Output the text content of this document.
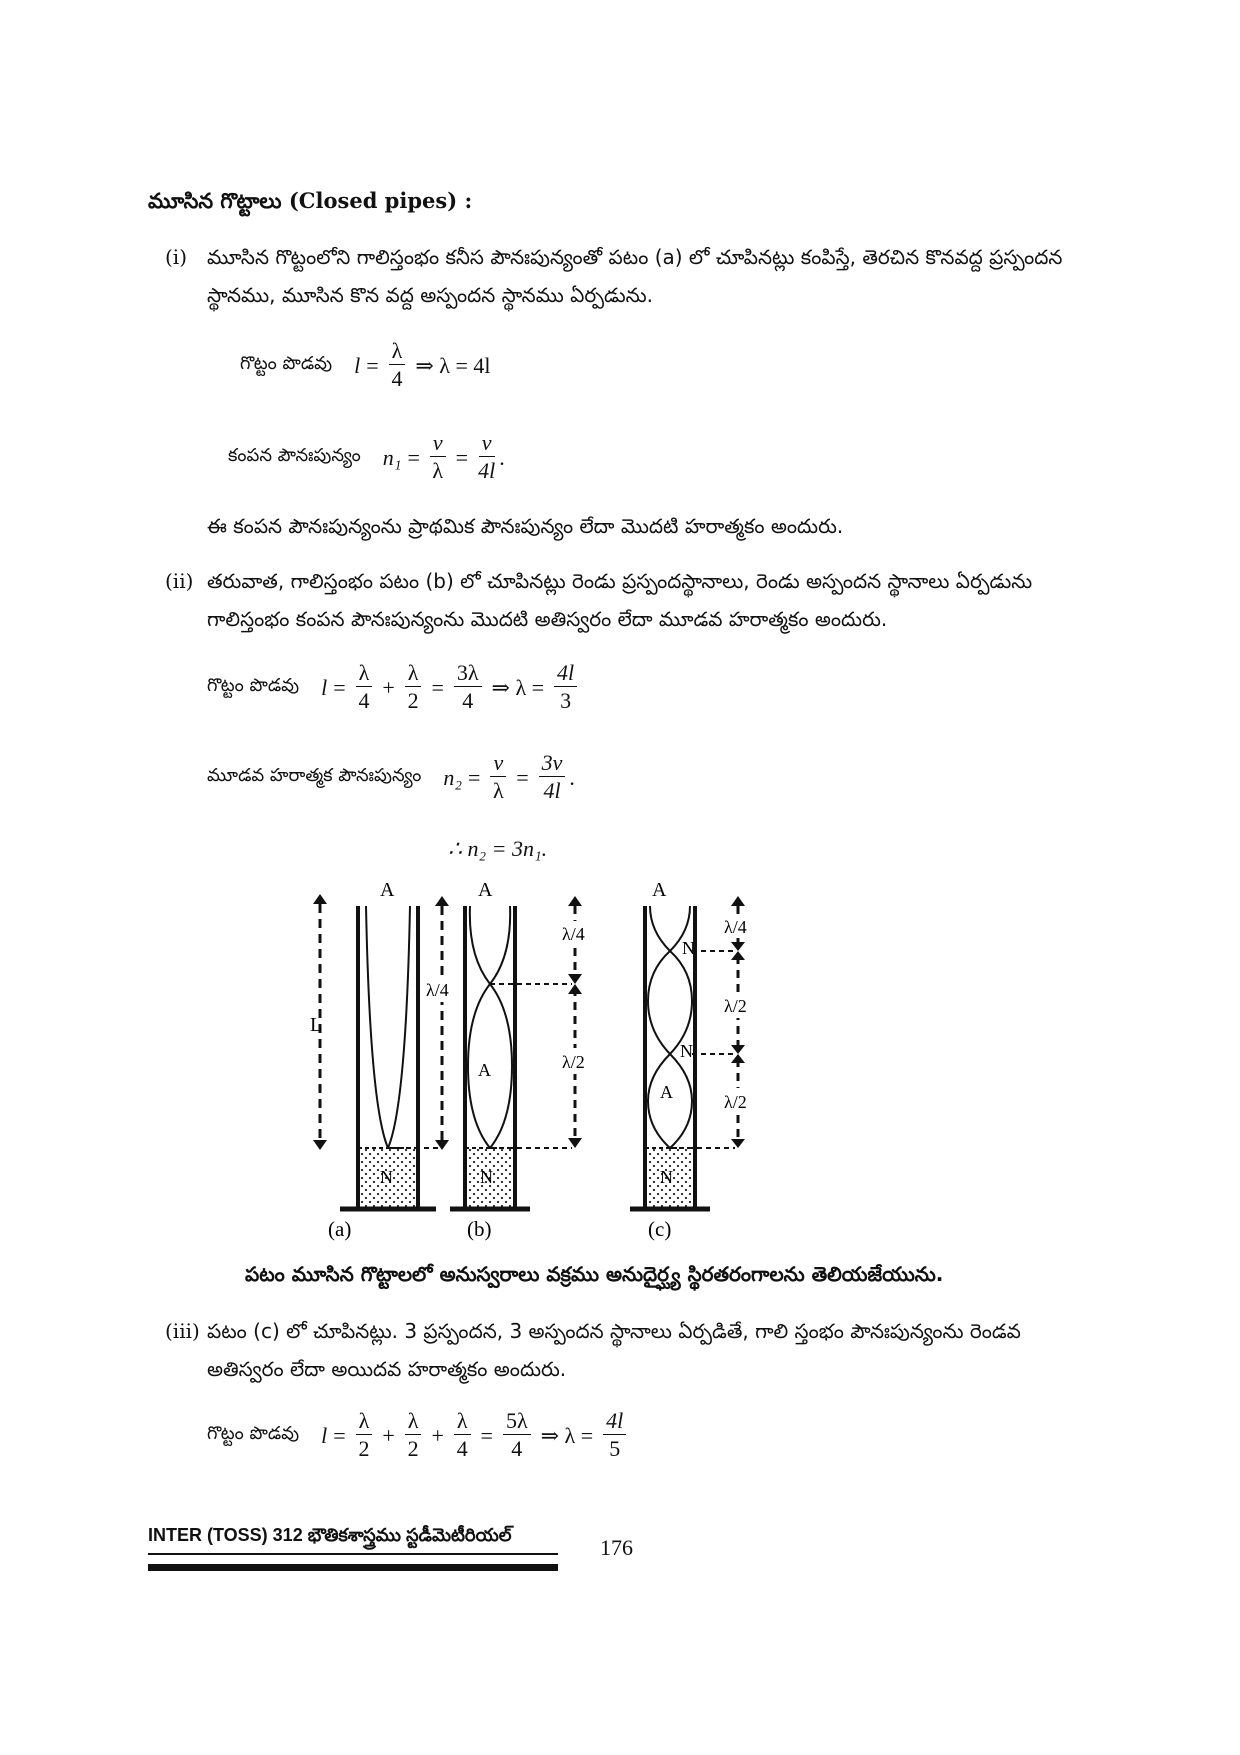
మూసిన గొట్టాలు (Closed pipes) :
(i) మూసిన గొట్టంలోని గాలిస్తంభం కనీస పౌనఃపున్యంతో పటం (a) లో చూపినట్లు కంపిస్తే, తెరచిన కొనవద్ద ప్రస్పందన స్థానము, మూసిన కొన వద్ద అస్పందన స్థానము ఏర్పడును.
గొట్టం పొడవు $l = \frac{\lambda}{4}$ ⇒ λ = 4l
కంపన పౌనఃపున్యం $n_1 = \frac{v}{\lambda} = \frac{v}{4l}$ .
ఈ కంపన పౌనఃపున్యంను ప్రాథమిక పౌనఃపున్యం లేదా మొదటి హరాత్మకం అందురు.
(ii) తరువాత, గాలిస్తంభం పటం (b) లో చూపినట్లు రెండు ప్రస్పందస్థానాలు, రెండు అస్పందన స్థానాలు ఏర్పడును గాలిస్తంభం కంపన పౌనఃపున్యంను మొదటి అతిస్వరం లేదా మూడవ హరాత్మకం అందురు.
గొట్టం పొడవు $l = \frac{\lambda}{4} + \frac{\lambda}{2} = \frac{3\lambda}{4}$ ⇒ $\lambda = \frac{4l}{3}$
మూడవ హరాత్మక పౌనఃపున్యం $n_2 = \frac{v}{\lambda} = \frac{3v}{4l}$ .
∴ n₂ = 3n₁.
A
N
L
λ/4
(a)
A
A
N
λ/4
λ/2
(b)
A
N
N
A
N
λ/4
λ/2
λ/2
(c)
పటం మూసిన గొట్టాలలో అనుస్వరాలు వక్రము అనుదైర్ఘ్య స్థిరతరంగాలను తెలియజేయును.
(iii) పటం (c) లో చూపినట్లు. 3 ప్రస్పందన, 3 అస్పందన స్థానాలు ఏర్పడితే, గాలి స్తంభం పౌనఃపున్యంను రెండవ అతిస్వరం లేదా అయిదవ హరాత్మకం అందురు.
గొట్టం పొడవు $l = \frac{\lambda}{2} + \frac{\lambda}{2} + \frac{\lambda}{4} = \frac{5\lambda}{4}$ ⇒ $\lambda = \frac{4l}{5}$
INTER (TOSS) 312 భౌతికశాస్త్రము స్టడీమెటీరియల్	176
